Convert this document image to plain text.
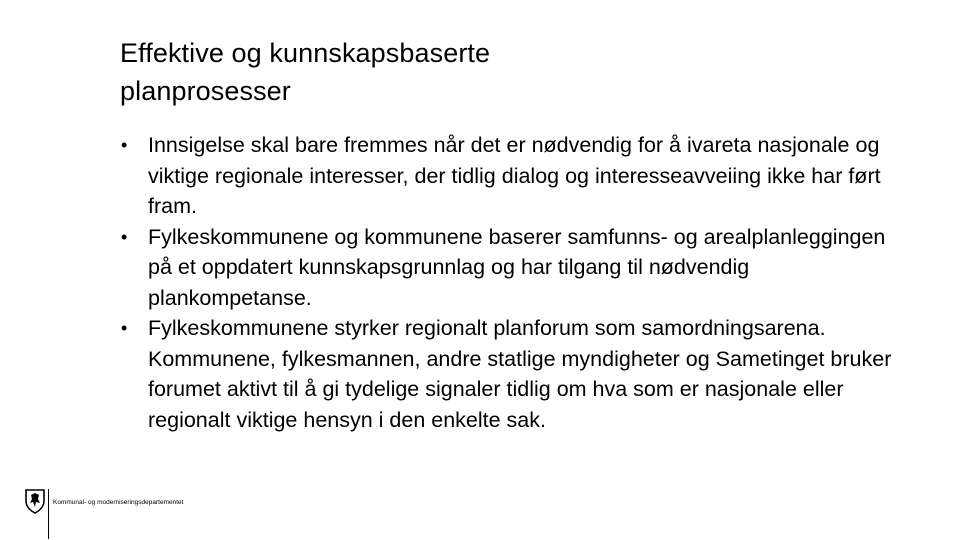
Effektive og kunnskapsbaserte
planprosesser
• Innsigelse skal bare fremmes når det er nødvendig for å ivareta nasjonale og viktige regionale interesser, der tidlig dialog og interesseavveiing ikke har ført fram.
• Fylkeskommunene og kommunene baserer samfunns- og arealplanleggingen på et oppdatert kunnskapsgrunnlag og har tilgang til nødvendig plankompetanse.
• Fylkeskommunene styrker regionalt planforum som samordningsarena. Kommunene, fylkesmannen, andre statlige myndigheter og Sametinget bruker forumet aktivt til å gi tydelige signaler tidlig om hva som er nasjonale eller regionalt viktige hensyn i den enkelte sak.
Kommunal- og moderniseringsdepartementet
